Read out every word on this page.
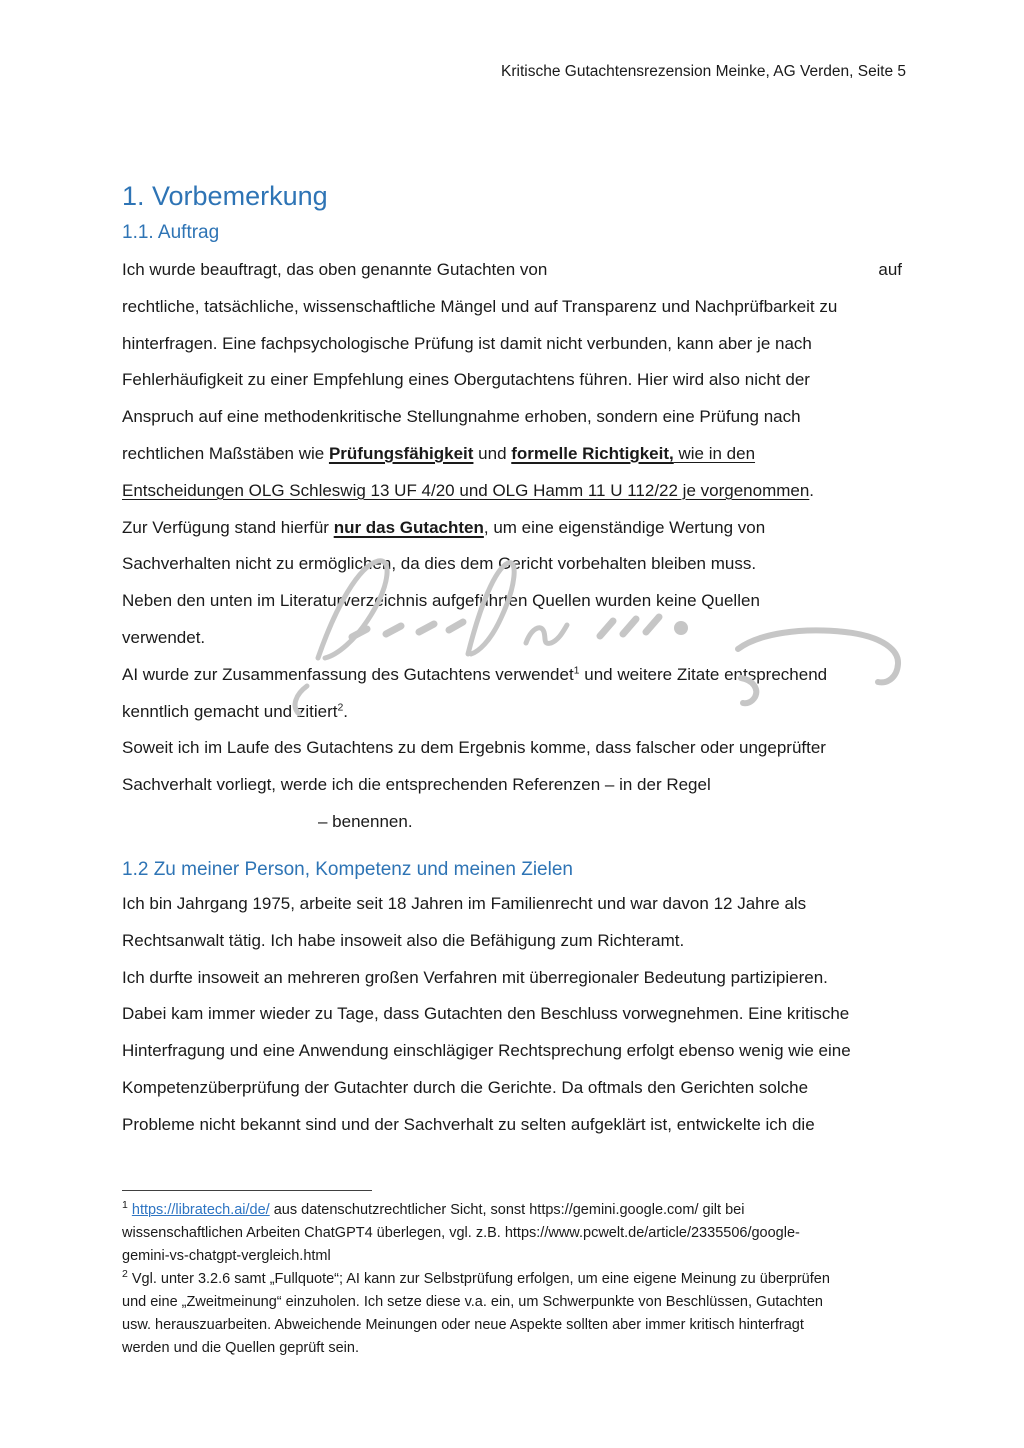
Kritische Gutachtensrezension Meinke, AG Verden, Seite 5
1. Vorbemerkung
1.1. Auftrag
Ich wurde beauftragt, das oben genannte Gutachten von	auf
rechtliche, tatsächliche, wissenschaftliche Mängel und auf Transparenz und Nachprüfbarkeit zu
hinterfragen. Eine fachpsychologische Prüfung ist damit nicht verbunden, kann aber je nach
Fehlerhäufigkeit zu einer Empfehlung eines Obergutachtens führen. Hier wird also nicht der
Anspruch auf eine methodenkritische Stellungnahme erhoben, sondern eine Prüfung nach
rechtlichen Maßstäben wie Prüfungsfähigkeit und formelle Richtigkeit, wie in den
Entscheidungen OLG Schleswig 13 UF 4/20 und OLG Hamm 11 U 112/22 je vorgenommen.
Zur Verfügung stand hierfür nur das Gutachten, um eine eigenständige Wertung von
Sachverhalten nicht zu ermöglichen, da dies dem Gericht vorbehalten bleiben muss.
Neben den unten im Literaturverzeichnis aufgeführten Quellen wurden keine Quellen
verwendet.
AI wurde zur Zusammenfassung des Gutachtens verwendet$^1$ und weitere Zitate entsprechend
kenntlich gemacht und zitiert$^2$.
Soweit ich im Laufe des Gutachtens zu dem Ergebnis komme, dass falscher oder ungeprüfter
Sachverhalt vorliegt, werde ich die entsprechenden Referenzen – in der Regel
– benennen.
1.2 Zu meiner Person, Kompetenz und meinen Zielen
Ich bin Jahrgang 1975, arbeite seit 18 Jahren im Familienrecht und war davon 12 Jahre als
Rechtsanwalt tätig. Ich habe insoweit also die Befähigung zum Richteramt.
Ich durfte insoweit an mehreren großen Verfahren mit überregionaler Bedeutung partizipieren.
Dabei kam immer wieder zu Tage, dass Gutachten den Beschluss vorwegnehmen. Eine kritische
Hinterfragung und eine Anwendung einschlägiger Rechtsprechung erfolgt ebenso wenig wie eine
Kompetenzüberprüfung der Gutachter durch die Gerichte. Da oftmals den Gerichten solche
Probleme nicht bekannt sind und der Sachverhalt zu selten aufgeklärt ist, entwickelte ich die
$^1$ https://libratech.ai/de/ aus datenschutzrechtlicher Sicht, sonst https://gemini.google.com/ gilt bei
wissenschaftlichen Arbeiten ChatGPT4 überlegen, vgl. z.B. https://www.pcwelt.de/article/2335506/google-
gemini-vs-chatgpt-vergleich.html
$^2$ Vgl. unter 3.2.6 samt „Fullquote“; AI kann zur Selbstprüfung erfolgen, um eine eigene Meinung zu überprüfen
und eine „Zweitmeinung“ einzuholen. Ich setze diese v.a. ein, um Schwerpunkte von Beschlüssen, Gutachten
usw. herauszuarbeiten. Abweichende Meinungen oder neue Aspekte sollten aber immer kritisch hinterfragt
werden und die Quellen geprüft sein.
